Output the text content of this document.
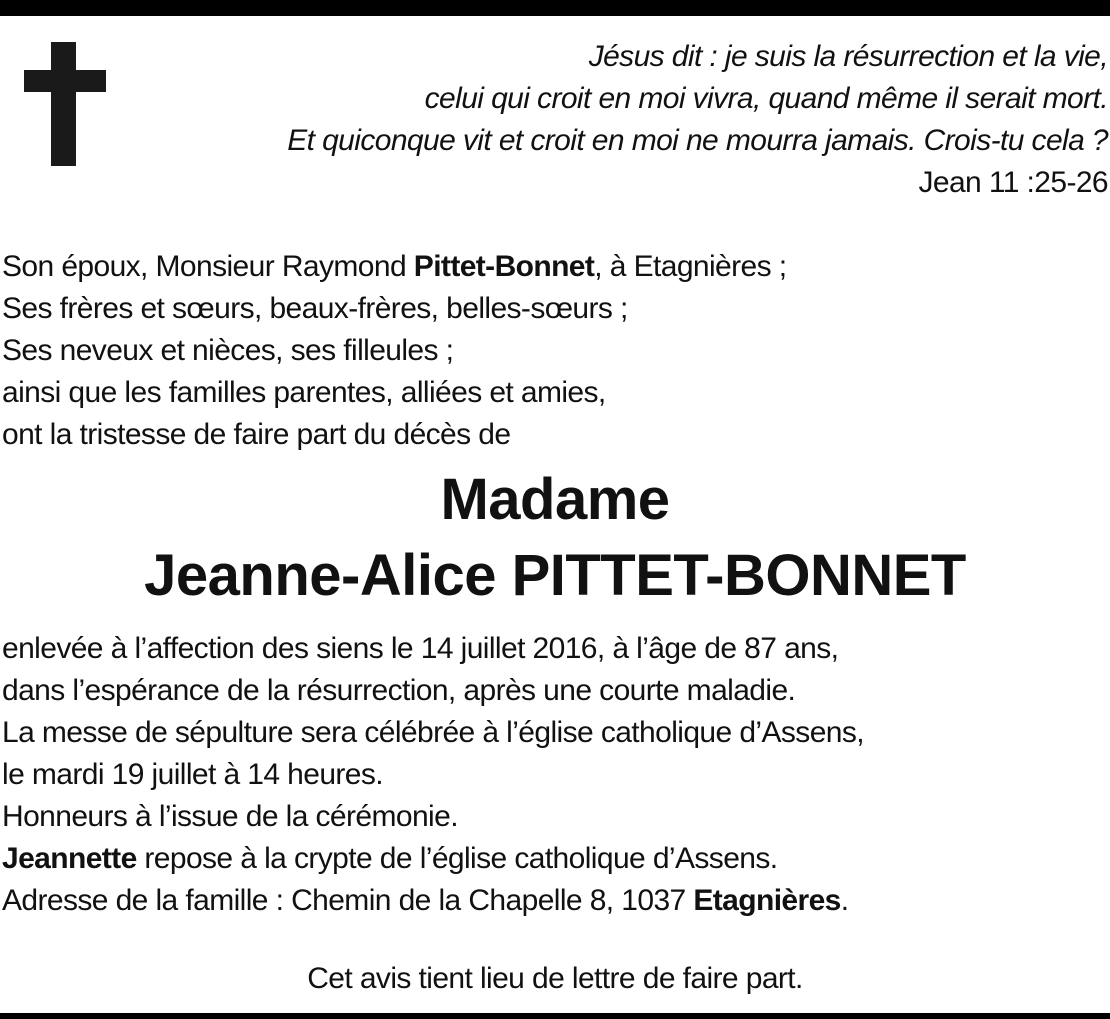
Jésus dit : je suis la résurrection et la vie,
celui qui croit en moi vivra, quand même il serait mort.
Et quiconque vit et croit en moi ne mourra jamais. Crois-tu cela ?
Jean 11 :25-26
Son époux, Monsieur Raymond Pittet-Bonnet, à Etagnières ;
Ses frères et sœurs, beaux-frères, belles-sœurs ;
Ses neveux et nièces, ses filleules ;
ainsi que les familles parentes, alliées et amies,
ont la tristesse de faire part du décès de
Madame
Jeanne-Alice PITTET-BONNET
enlevée à l’affection des siens le 14 juillet 2016, à l’âge de 87 ans,
dans l’espérance de la résurrection, après une courte maladie.
La messe de sépulture sera célébrée à l’église catholique d’Assens,
le mardi 19 juillet à 14 heures.
Honneurs à l’issue de la cérémonie.
Jeannette repose à la crypte de l’église catholique d’Assens.
Adresse de la famille : Chemin de la Chapelle 8, 1037 Etagnières.
Cet avis tient lieu de lettre de faire part.
